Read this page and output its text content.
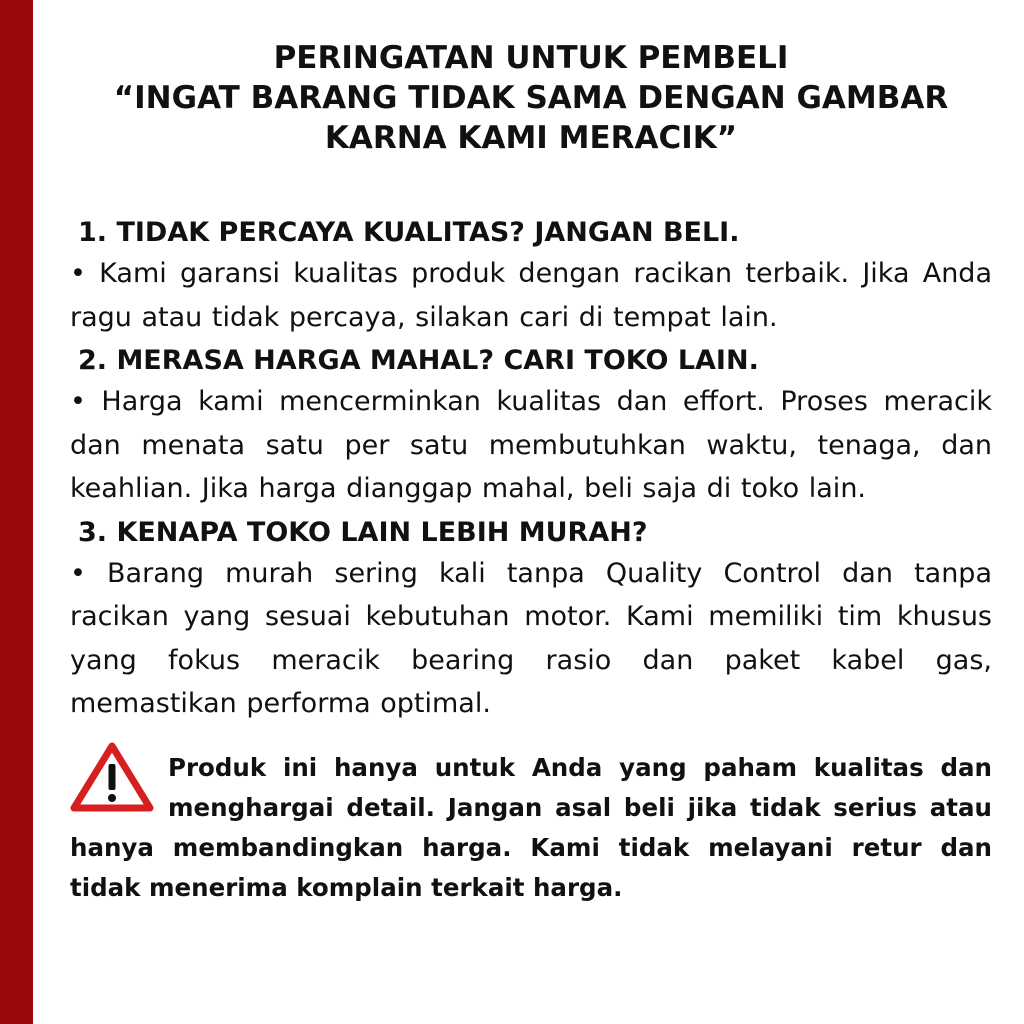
PERINGATAN UNTUK PEMBELI
“INGAT BARANG TIDAK SAMA DENGAN GAMBAR
KARNA KAMI MERACIK”
1. TIDAK PERCAYA KUALITAS? JANGAN BELI.
• Kami garansi kualitas produk dengan racikan terbaik. Jika Anda ragu atau tidak percaya, silakan cari di tempat lain.
2. MERASA HARGA MAHAL? CARI TOKO LAIN.
• Harga kami mencerminkan kualitas dan effort. Proses meracik dan menata satu per satu membutuhkan waktu, tenaga, dan keahlian. Jika harga dianggap mahal, beli saja di toko lain.
3. KENAPA TOKO LAIN LEBIH MURAH?
• Barang murah sering kali tanpa Quality Control dan tanpa racikan yang sesuai kebutuhan motor. Kami memiliki tim khusus yang fokus meracik bearing rasio dan paket kabel gas, memastikan performa optimal.
Produk ini hanya untuk Anda yang paham kualitas dan menghargai detail. Jangan asal beli jika tidak serius atau hanya membandingkan harga. Kami tidak melayani retur dan tidak menerima komplain terkait harga.
